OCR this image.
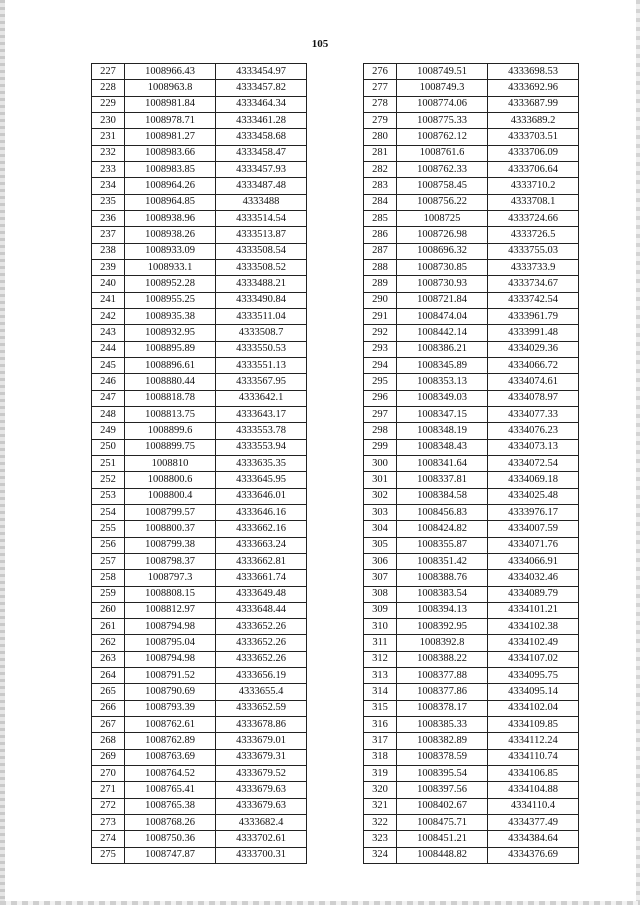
105
227	1008966.43	4333454.97
228	1008963.8	4333457.82
229	1008981.84	4333464.34
230	1008978.71	4333461.28
231	1008981.27	4333458.68
232	1008983.66	4333458.47
233	1008983.85	4333457.93
234	1008964.26	4333487.48
235	1008964.85	4333488
236	1008938.96	4333514.54
237	1008938.26	4333513.87
238	1008933.09	4333508.54
239	1008933.1	4333508.52
240	1008952.28	4333488.21
241	1008955.25	4333490.84
242	1008935.38	4333511.04
243	1008932.95	4333508.7
244	1008895.89	4333550.53
245	1008896.61	4333551.13
246	1008880.44	4333567.95
247	1008818.78	4333642.1
248	1008813.75	4333643.17
249	1008899.6	4333553.78
250	1008899.75	4333553.94
251	1008810	4333635.35
252	1008800.6	4333645.95
253	1008800.4	4333646.01
254	1008799.57	4333646.16
255	1008800.37	4333662.16
256	1008799.38	4333663.24
257	1008798.37	4333662.81
258	1008797.3	4333661.74
259	1008808.15	4333649.48
260	1008812.97	4333648.44
261	1008794.98	4333652.26
262	1008795.04	4333652.26
263	1008794.98	4333652.26
264	1008791.52	4333656.19
265	1008790.69	4333655.4
266	1008793.39	4333652.59
267	1008762.61	4333678.86
268	1008762.89	4333679.01
269	1008763.69	4333679.31
270	1008764.52	4333679.52
271	1008765.41	4333679.63
272	1008765.38	4333679.63
273	1008768.26	4333682.4
274	1008750.36	4333702.61
275	1008747.87	4333700.31
276	1008749.51	4333698.53
277	1008749.3	4333692.96
278	1008774.06	4333687.99
279	1008775.33	4333689.2
280	1008762.12	4333703.51
281	1008761.6	4333706.09
282	1008762.33	4333706.64
283	1008758.45	4333710.2
284	1008756.22	4333708.1
285	1008725	4333724.66
286	1008726.98	4333726.5
287	1008696.32	4333755.03
288	1008730.85	4333733.9
289	1008730.93	4333734.67
290	1008721.84	4333742.54
291	1008474.04	4333961.79
292	1008442.14	4333991.48
293	1008386.21	4334029.36
294	1008345.89	4334066.72
295	1008353.13	4334074.61
296	1008349.03	4334078.97
297	1008347.15	4334077.33
298	1008348.19	4334076.23
299	1008348.43	4334073.13
300	1008341.64	4334072.54
301	1008337.81	4334069.18
302	1008384.58	4334025.48
303	1008456.83	4333976.17
304	1008424.82	4334007.59
305	1008355.87	4334071.76
306	1008351.42	4334066.91
307	1008388.76	4334032.46
308	1008383.54	4334089.79
309	1008394.13	4334101.21
310	1008392.95	4334102.38
311	1008392.8	4334102.49
312	1008388.22	4334107.02
313	1008377.88	4334095.75
314	1008377.86	4334095.14
315	1008378.17	4334102.04
316	1008385.33	4334109.85
317	1008382.89	4334112.24
318	1008378.59	4334110.74
319	1008395.54	4334106.85
320	1008397.56	4334104.88
321	1008402.67	4334110.4
322	1008475.71	4334377.49
323	1008451.21	4334384.64
324	1008448.82	4334376.69
